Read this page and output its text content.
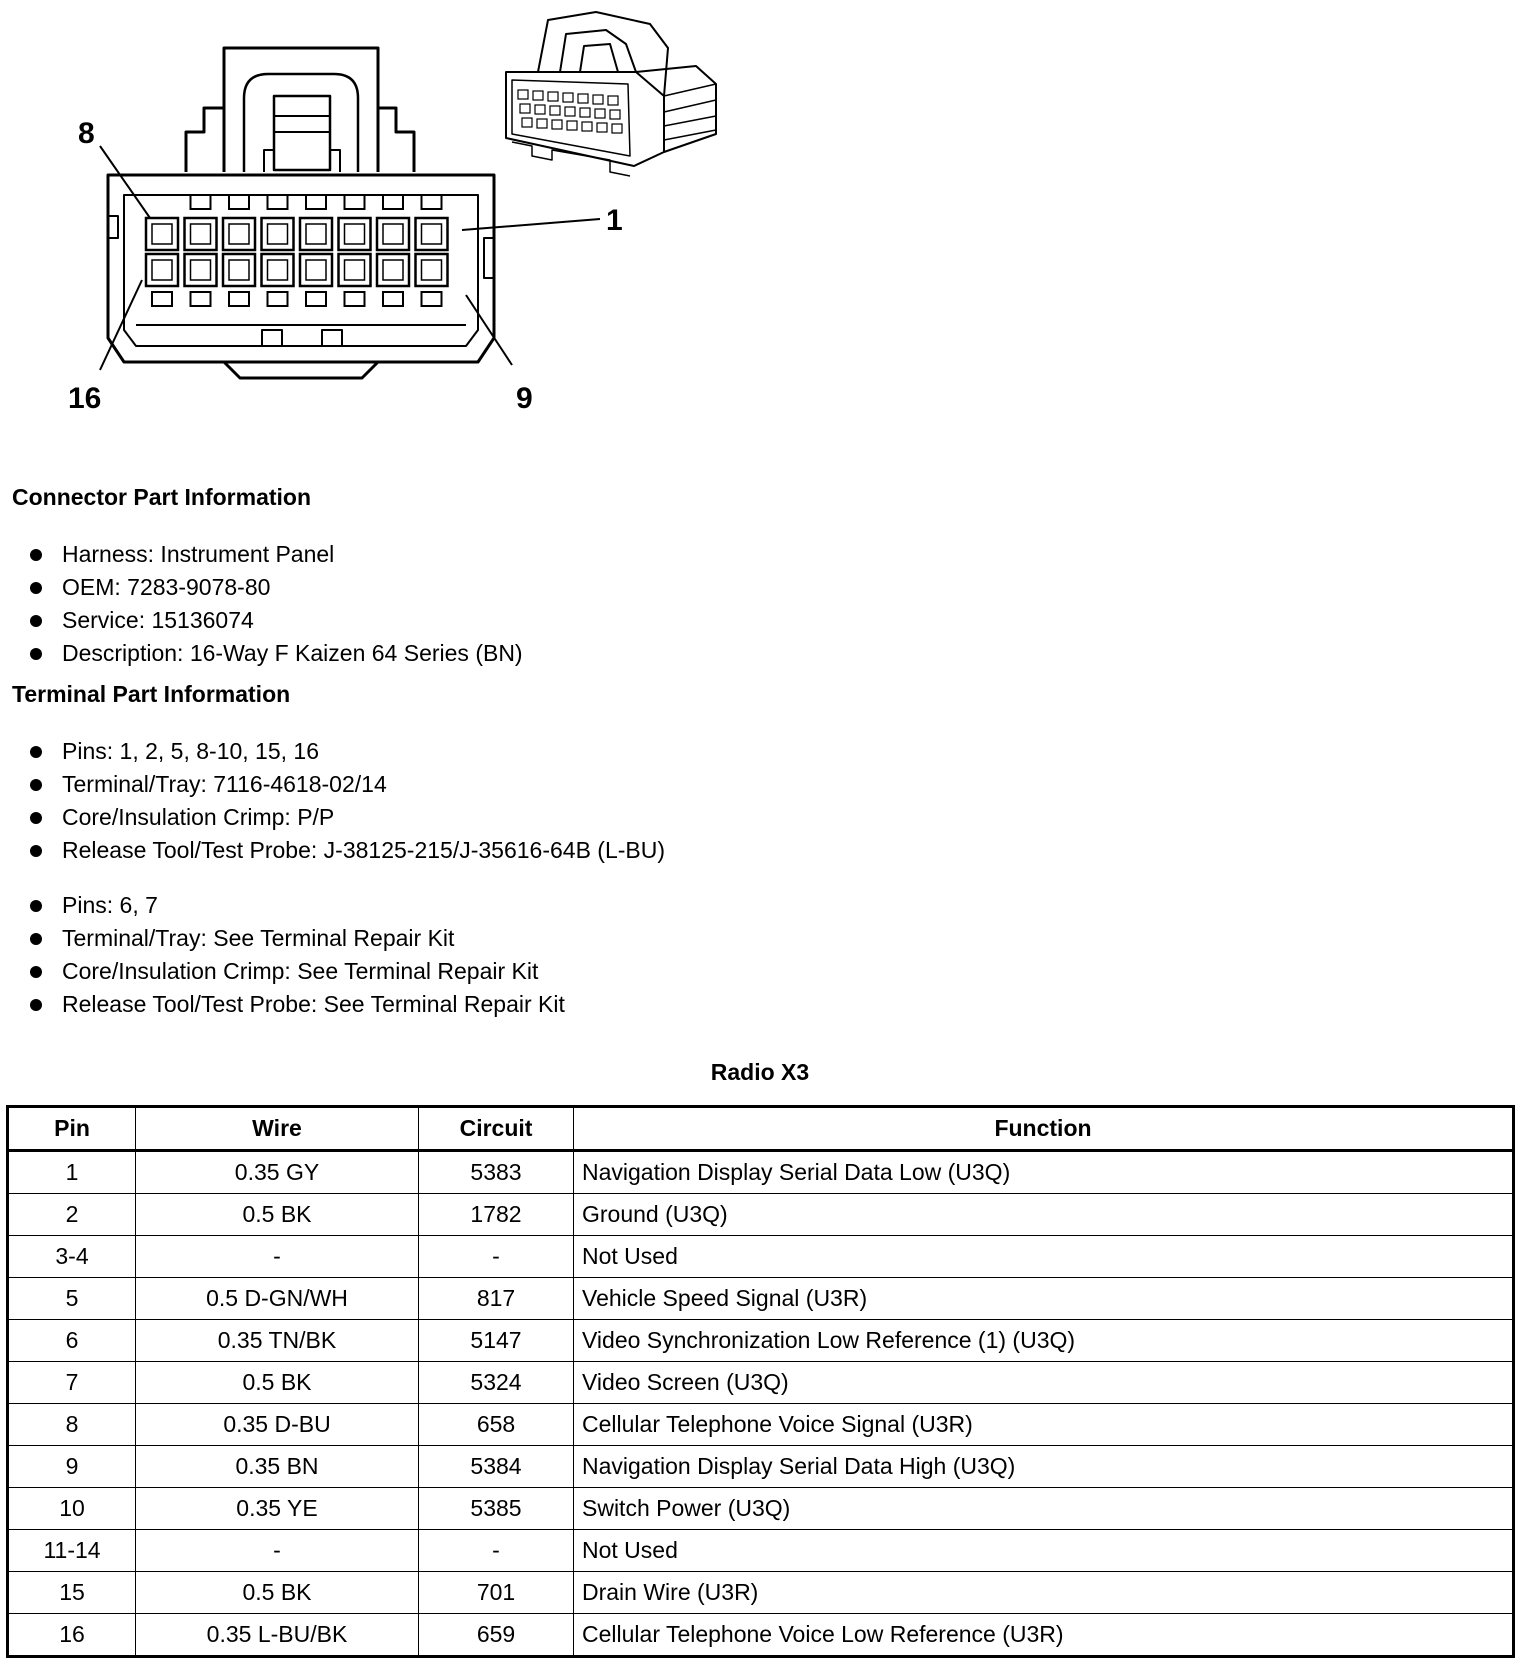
8
1
16	9
Connector Part Information
Harness: Instrument Panel
OEM: 7283-9078-80
Service: 15136074
Description: 16-Way F Kaizen 64 Series (BN)
Terminal Part Information
Pins: 1, 2, 5, 8-10, 15, 16
Terminal/Tray: 7116-4618-02/14
Core/Insulation Crimp: P/P
Release Tool/Test Probe: J-38125-215/J-35616-64B (L-BU)
Pins: 6, 7
Terminal/Tray: See Terminal Repair Kit
Core/Insulation Crimp: See Terminal Repair Kit
Release Tool/Test Probe: See Terminal Repair Kit
Radio X3
Pin	Wire	Circuit	Function
1	0.35 GY	5383	Navigation Display Serial Data Low (U3Q)
2	0.5 BK	1782	Ground (U3Q)
3-4	-	-	Not Used
5	0.5 D-GN/WH	817	Vehicle Speed Signal (U3R)
6	0.35 TN/BK	5147	Video Synchronization Low Reference (1) (U3Q)
7	0.5 BK	5324	Video Screen (U3Q)
8	0.35 D-BU	658	Cellular Telephone Voice Signal (U3R)
9	0.35 BN	5384	Navigation Display Serial Data High (U3Q)
10	0.35 YE	5385	Switch Power (U3Q)
11-14	-	-	Not Used
15	0.5 BK	701	Drain Wire (U3R)
16	0.35 L-BU/BK	659	Cellular Telephone Voice Low Reference (U3R)
